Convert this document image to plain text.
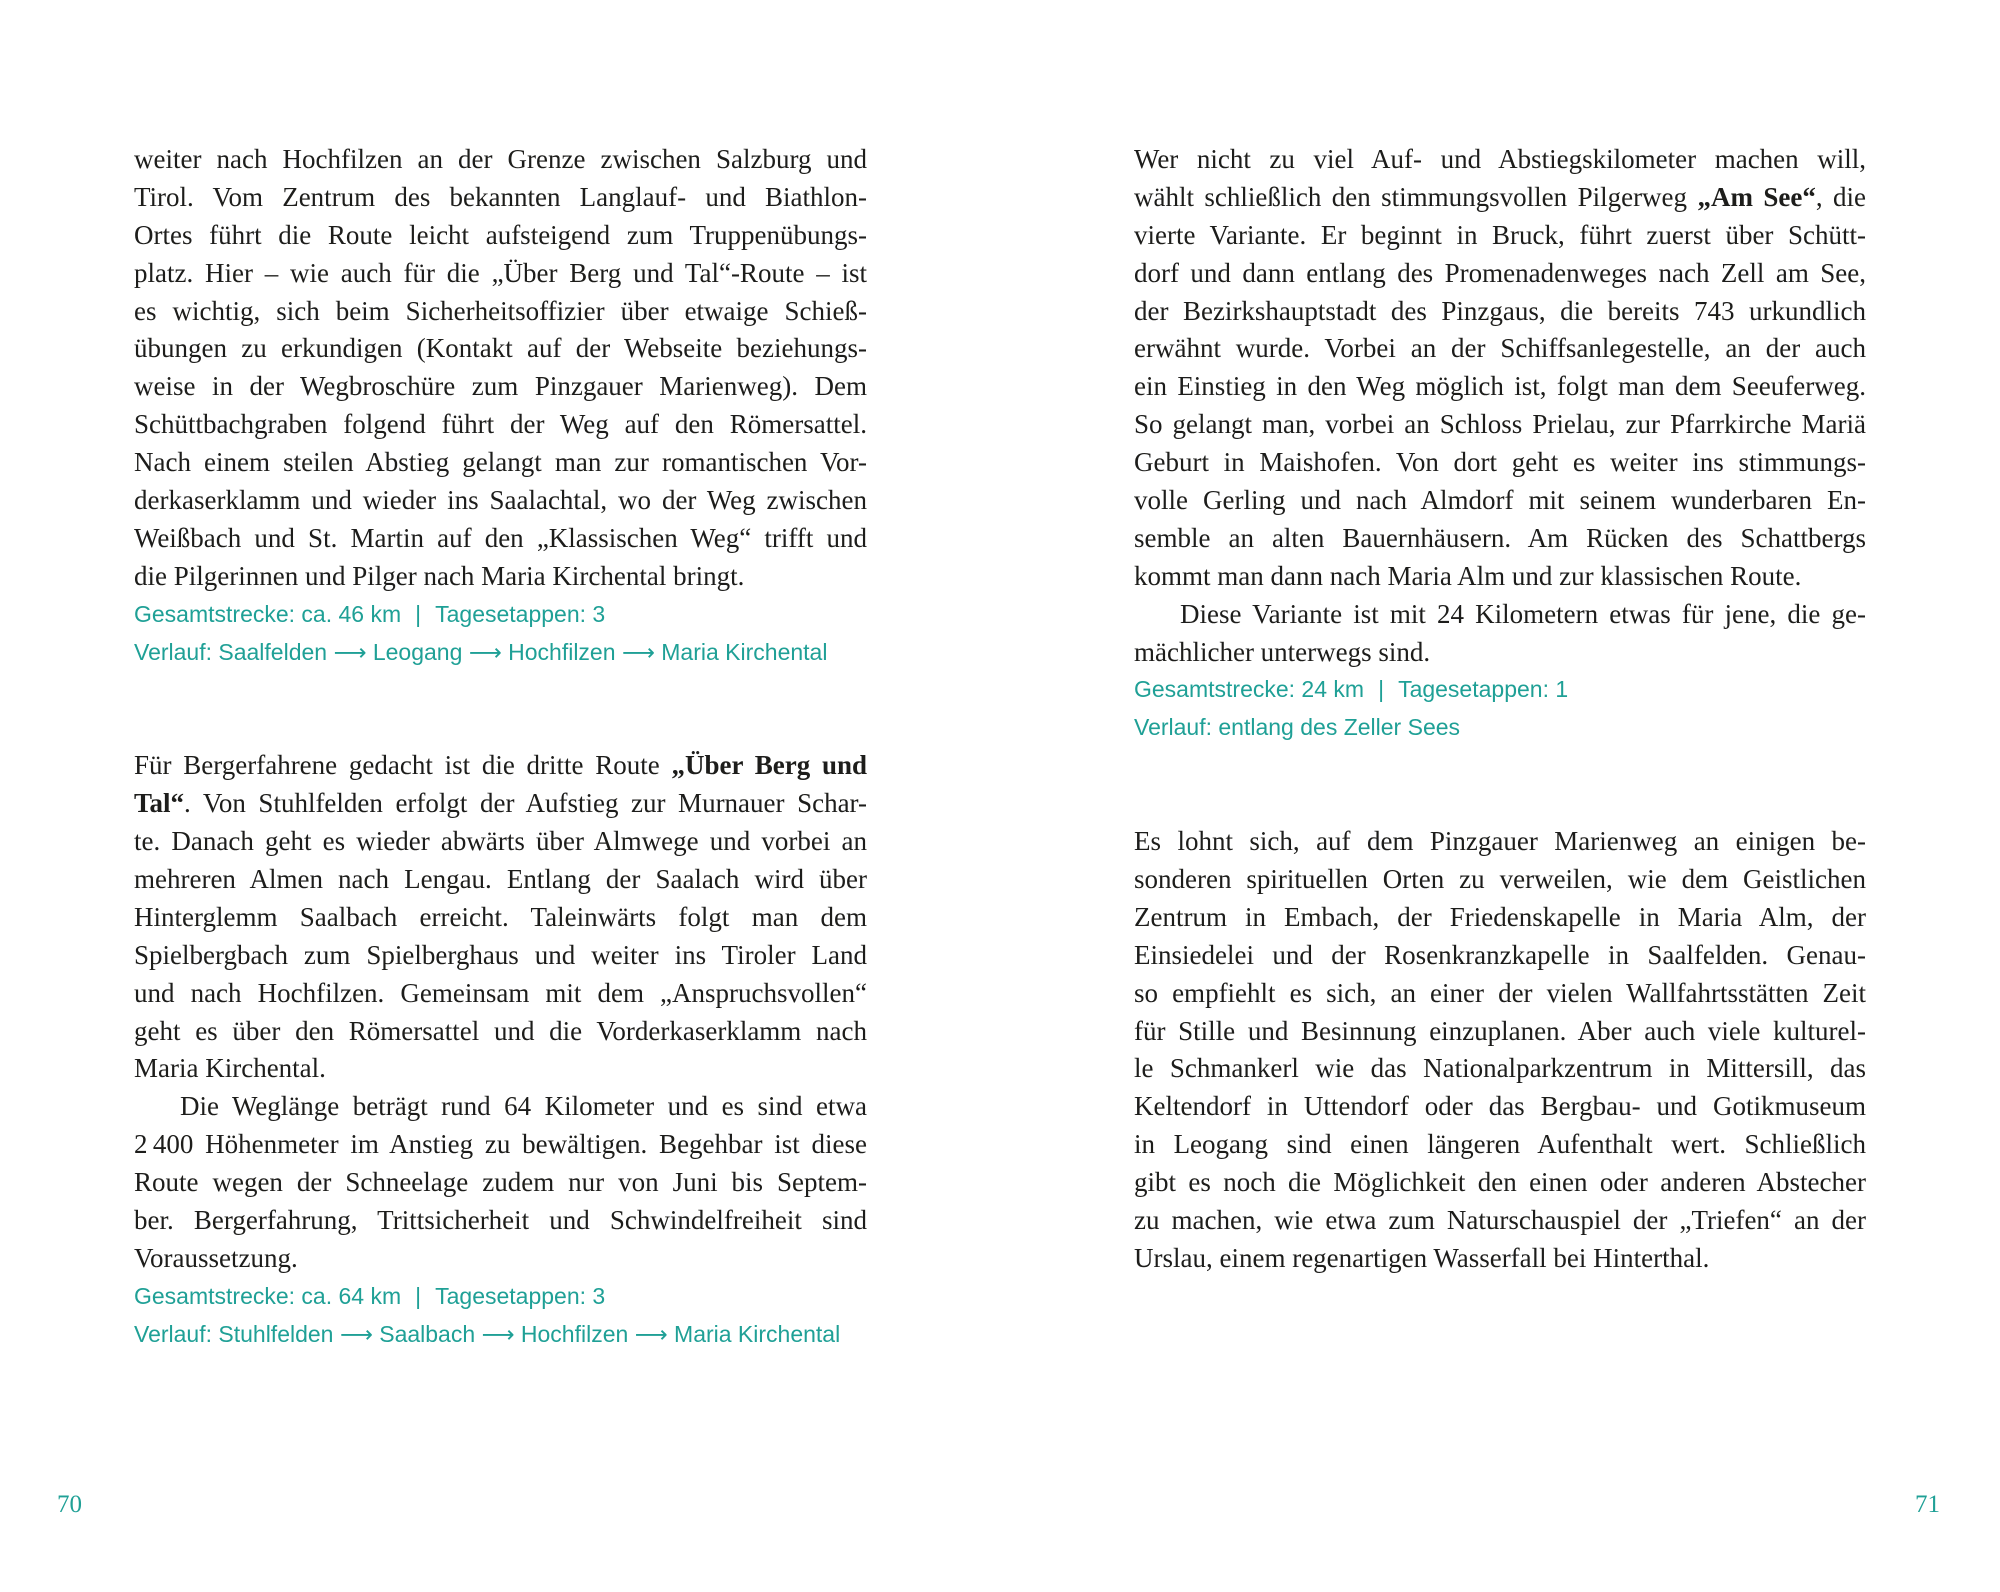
weiter nach Hochfilzen an der Grenze zwischen Salzburg und
Tirol. Vom Zentrum des bekannten Langlauf- und Biathlon-
Ortes führt die Route leicht aufsteigend zum Truppenübungs-
platz. Hier – wie auch für die „Über Berg und Tal“-Route – ist
es wichtig, sich beim Sicherheitsoffizier über etwaige Schieß-
übungen zu erkundigen (Kontakt auf der Webseite beziehungs-
weise in der Wegbroschüre zum Pinzgauer Marienweg). Dem
Schüttbachgraben folgend führt der Weg auf den Römersattel.
Nach einem steilen Abstieg gelangt man zur romantischen Vor-
derkaserklamm und wieder ins Saalachtal, wo der Weg zwischen
Weißbach und St. Martin auf den „Klassischen Weg“ trifft und
die Pilgerinnen und Pilger nach Maria Kirchental bringt.
Gesamtstrecke: ca. 46 km | Tagesetappen: 3
Verlauf: Saalfelden ⟶ Leogang ⟶ Hochfilzen ⟶ Maria Kirchental
Für Bergerfahrene gedacht ist die dritte Route „Über Berg und
Tal“. Von Stuhlfelden erfolgt der Aufstieg zur Murnauer Schar-
te. Danach geht es wieder abwärts über Almwege und vorbei an
mehreren Almen nach Lengau. Entlang der Saalach wird über
Hinterglemm Saalbach erreicht. Taleinwärts folgt man dem
Spielbergbach zum Spielberghaus und weiter ins Tiroler Land
und nach Hochfilzen. Gemeinsam mit dem „Anspruchsvollen“
geht es über den Römersattel und die Vorderkaserklamm nach
Maria Kirchental.
Die Weglänge beträgt rund 64 Kilometer und es sind etwa
2 400 Höhenmeter im Anstieg zu bewältigen. Begehbar ist diese
Route wegen der Schneelage zudem nur von Juni bis Septem-
ber. Bergerfahrung, Trittsicherheit und Schwindelfreiheit sind
Voraussetzung.
Gesamtstrecke: ca. 64 km | Tagesetappen: 3
Verlauf: Stuhlfelden ⟶ Saalbach ⟶ Hochfilzen ⟶ Maria Kirchental
70
Wer nicht zu viel Auf- und Abstiegskilometer machen will,
wählt schließlich den stimmungsvollen Pilgerweg „Am See“, die
vierte Variante. Er beginnt in Bruck, führt zuerst über Schütt-
dorf und dann entlang des Promenadenweges nach Zell am See,
der Bezirkshauptstadt des Pinzgaus, die bereits 743 urkundlich
erwähnt wurde. Vorbei an der Schiffsanlegestelle, an der auch
ein Einstieg in den Weg möglich ist, folgt man dem Seeuferweg.
So gelangt man, vorbei an Schloss Prielau, zur Pfarrkirche Mariä
Geburt in Maishofen. Von dort geht es weiter ins stimmungs-
volle Gerling und nach Almdorf mit seinem wunderbaren En-
semble an alten Bauernhäusern. Am Rücken des Schattbergs
kommt man dann nach Maria Alm und zur klassischen Route.
Diese Variante ist mit 24 Kilometern etwas für jene, die ge-
mächlicher unterwegs sind.
Gesamtstrecke: 24 km | Tagesetappen: 1
Verlauf: entlang des Zeller Sees
Es lohnt sich, auf dem Pinzgauer Marienweg an einigen be-
sonderen spirituellen Orten zu verweilen, wie dem Geistlichen
Zentrum in Embach, der Friedenskapelle in Maria Alm, der
Einsiedelei und der Rosenkranzkapelle in Saalfelden. Genau-
so empfiehlt es sich, an einer der vielen Wallfahrtsstätten Zeit
für Stille und Besinnung einzuplanen. Aber auch viele kulturel-
le Schmankerl wie das Nationalparkzentrum in Mittersill, das
Keltendorf in Uttendorf oder das Bergbau- und Gotikmuseum
in Leogang sind einen längeren Aufenthalt wert. Schließlich
gibt es noch die Möglichkeit den einen oder anderen Abstecher
zu machen, wie etwa zum Naturschauspiel der „Triefen“ an der
Urslau, einem regenartigen Wasserfall bei Hinterthal.
71
